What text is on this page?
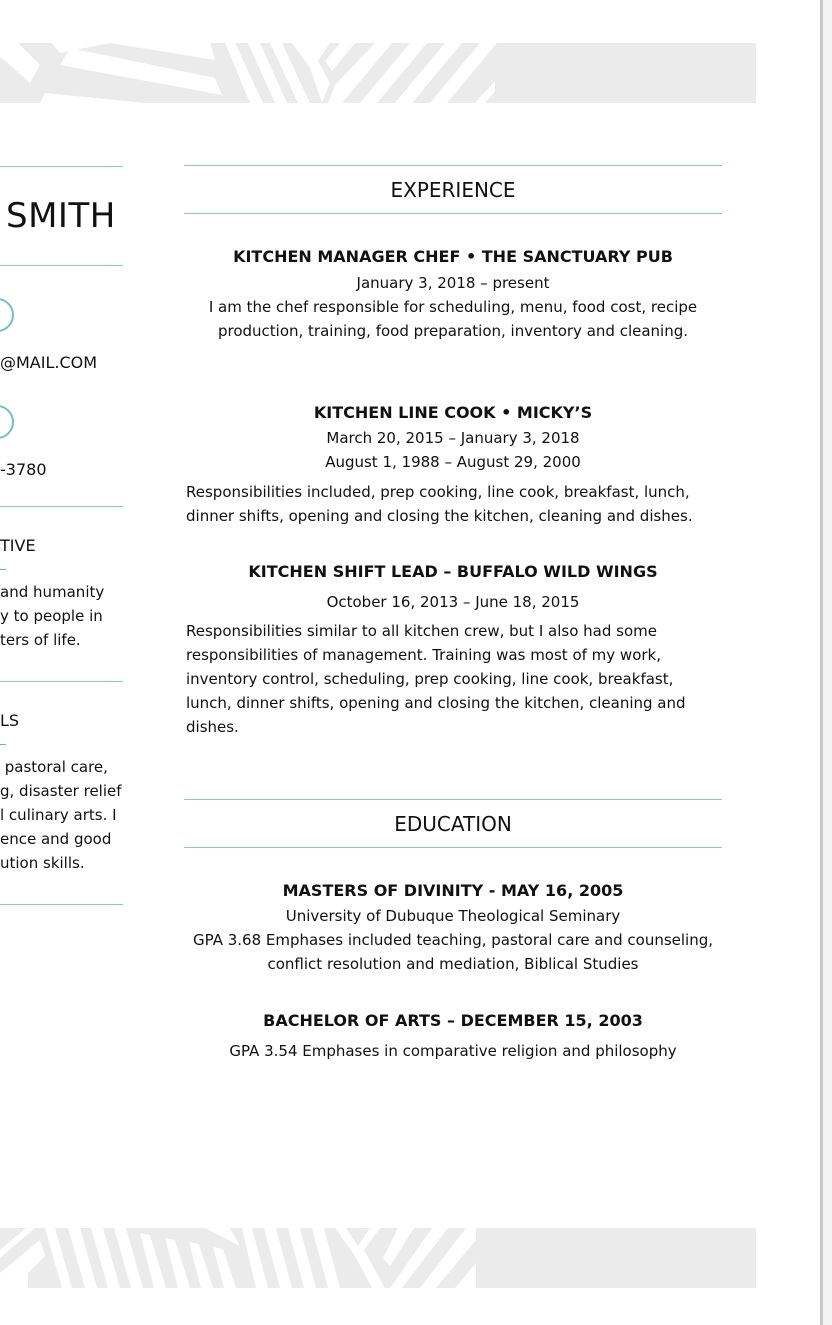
SMITH
@MAIL.COM
-3780
TIVE
and humanity
y to people in
ters of life.
LS
pastoral care,
g, disaster relief
l culinary arts. I
ence and good
ution skills.
EXPERIENCE
KITCHEN MANAGER CHEF • THE SANCTUARY PUB
January 3, 2018 – present
I am the chef responsible for scheduling, menu, food cost, recipe
production, training, food preparation, inventory and cleaning.
KITCHEN LINE COOK • MICKY’S
March 20, 2015 – January 3, 2018
August 1, 1988 – August 29, 2000
Responsibilities included, prep cooking, line cook, breakfast, lunch,
dinner shifts, opening and closing the kitchen, cleaning and dishes.
KITCHEN SHIFT LEAD – BUFFALO WILD WINGS
October 16, 2013 – June 18, 2015
Responsibilities similar to all kitchen crew, but I also had some
responsibilities of management. Training was most of my work,
inventory control, scheduling, prep cooking, line cook, breakfast,
lunch, dinner shifts, opening and closing the kitchen, cleaning and
dishes.
EDUCATION
MASTERS OF DIVINITY - MAY 16, 2005
University of Dubuque Theological Seminary
GPA 3.68 Emphases included teaching, pastoral care and counseling,
conflict resolution and mediation, Biblical Studies
BACHELOR OF ARTS – DECEMBER 15, 2003
GPA 3.54 Emphases in comparative religion and philosophy
